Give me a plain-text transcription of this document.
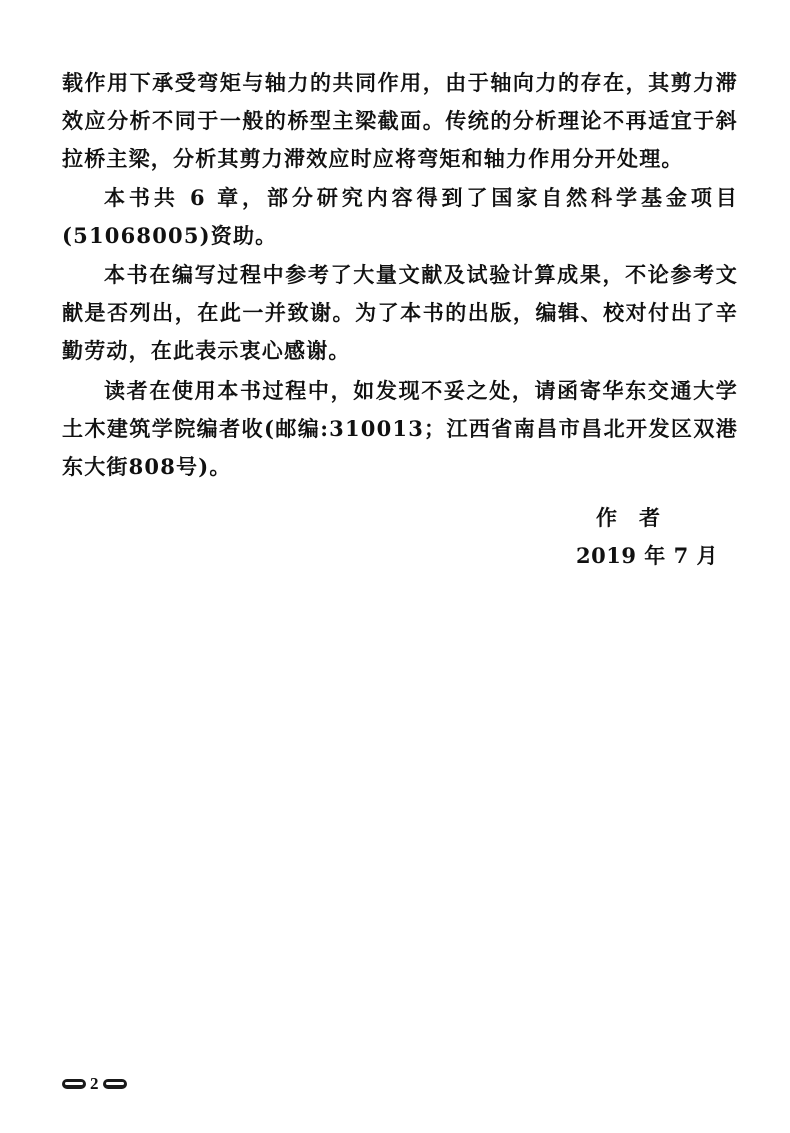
载作用下承受弯矩与轴力的共同作用，由于轴向力的存在，其剪力滞效应分析不同于一般的桥型主梁截面。传统的分析理论不再适宜于斜拉桥主梁，分析其剪力滞效应时应将弯矩和轴力作用分开处理。

本书共 6 章，部分研究内容得到了国家自然科学基金项目(51068005)资助。

本书在编写过程中参考了大量文献及试验计算成果，不论参考文献是否列出，在此一并致谢。为了本书的出版，编辑、校对付出了辛勤劳动，在此表示衷心感谢。

读者在使用本书过程中，如发现不妥之处，请函寄华东交通大学土木建筑学院编者收(邮编:310013；江西省南昌市昌北开发区双港东大街808号)。

作者
2019 年 7 月
2
